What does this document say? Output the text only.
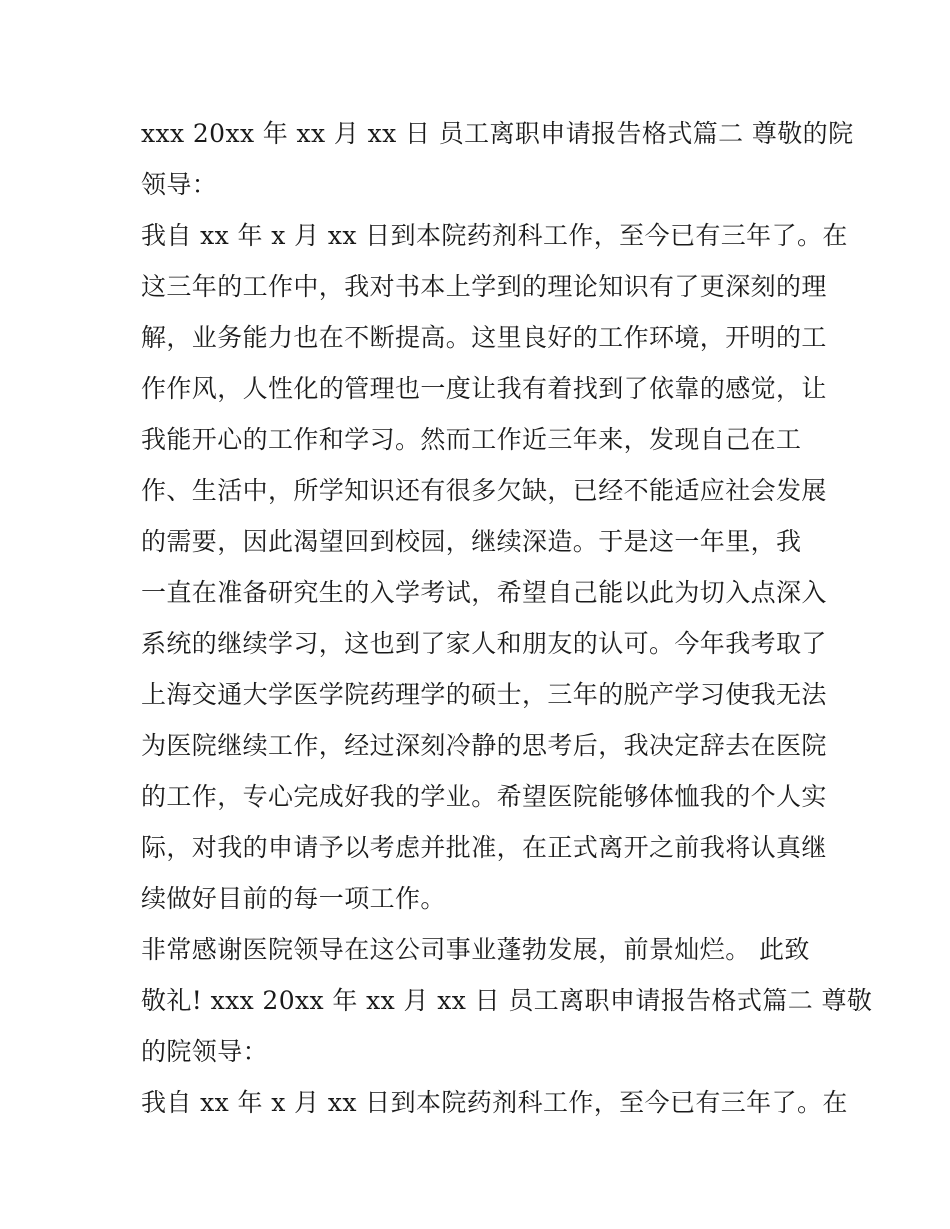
xxx 20xx 年 xx 月 xx 日 员工离职申请报告格式篇二 尊敬的院
领导：
我自 xx 年 x 月 xx 日到本院药剂科工作，至今已有三年了。在
这三年的工作中，我对书本上学到的理论知识有了更深刻的理
解，业务能力也在不断提高。这里良好的工作环境，开明的工
作作风，人性化的管理也一度让我有着找到了依靠的感觉，让
我能开心的工作和学习。然而工作近三年来，发现自己在工
作、生活中，所学知识还有很多欠缺，已经不能适应社会发展
的需要，因此渴望回到校园，继续深造。于是这一年里，我
一直在准备研究生的入学考试，希望自己能以此为切入点深入
系统的继续学习，这也到了家人和朋友的认可。今年我考取了
上海交通大学医学院药理学的硕士，三年的脱产学习使我无法
为医院继续工作，经过深刻冷静的思考后，我决定辞去在医院
的工作，专心完成好我的学业。希望医院能够体恤我的个人实
际，对我的申请予以考虑并批准，在正式离开之前我将认真继
续做好目前的每一项工作。
非常感谢医院领导在这公司事业蓬勃发展，前景灿烂。 此致
敬礼! xxx 20xx 年 xx 月 xx 日 员工离职申请报告格式篇二 尊敬
的院领导：
我自 xx 年 x 月 xx 日到本院药剂科工作，至今已有三年了。在
